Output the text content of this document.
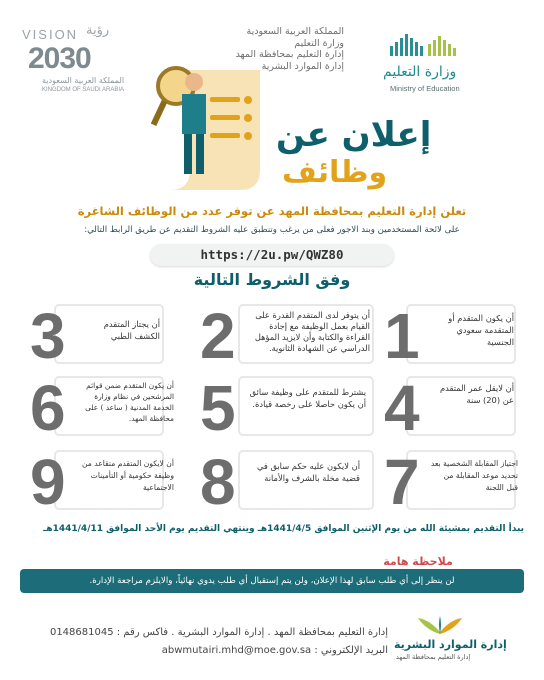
VISION رؤية
2030
المملكة العربية السعودية
KINGDOM OF SAUDI ARABIA
المملكة العربية السعودية
وزارة التعليم
إدارة التعليم بمحافظة المهد
إدارة الموارد البشرية	وزارة التعليم
Ministry of Education
إعلان عن
وظائف
تعلن إدارة التعليم بمحافظة المهد عن توفر عدد من الوظائف الشاغرة
على لائحة المستخدمين وبند الاجور فعلى من يرغب وتنطبق عليه الشروط التقديم عن طريق الرابط التالي:
https://2u.pw/QWZ80
وفق الشروط التالية
1	أن يكون المتقدم أو المتقدمة سعودي الجنسية
2	أن يتوفر لدى المتقدم القدرة على القيام بعمل الوظيفة مع إجادة القراءة والكتابة وأن لايزيد المؤهل الدراسي عن الشهادة الثانوية.
3	أن يجتاز المتقدم الكشف الطبي
4	أن لايقل عمر المتقدم عن (20) سنة
5 يشترط للمتقدم على وظيفة سائق أن يكون حاصلا على رخصة قيادة.
6	أن يكون المتقدم ضمن قوائم المرشحين في نظام وزارة الخدمة المدنية ( ساعد ) على محافظة المهد.
7 اجتياز المقابلة الشخصية بعد تحديد موعد المقابلة من قبل اللجنة
8	أن لايكون عليه حكم سابق في قضية مخلة بالشرف والأمانة
9	أن لايكون المتقدم متقاعد من وظيفة حكومية أو التأمينات الاجتماعية
يبدأ التقديم بمشيئة الله من يوم الإثنين الموافق 1441/4/5هـ وينتهي التقديم يوم الأحد الموافق 1441/4/11هـ
ملاحظة هامة
لن ينظر إلى أي طلب سابق لهذا الإعلان، ولن يتم إستقبال أي طلب يدوي نهائياً، والايلزم مراجعة الإدارة.
إدارة التعليم بمحافظة المهد . إدارة الموارد البشرية . فاكس رقم : 0148681045
البريد الإلكتروني : abwmutairi.mhd@moe.gov.sa إدارة الموارد البشرية
إدارة التعليم بمحافظة المهد
